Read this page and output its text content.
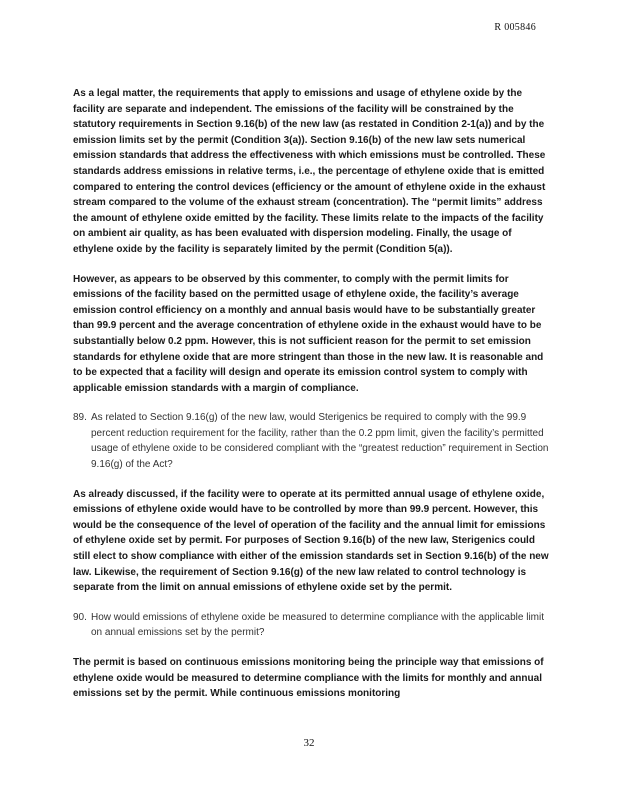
R 005846

As a legal matter, the requirements that apply to emissions and usage of ethylene oxide by the facility are separate and independent. The emissions of the facility will be constrained by the statutory requirements in Section 9.16(b) of the new law (as restated in Condition 2-1(a)) and by the emission limits set by the permit (Condition 3(a)). Section 9.16(b) of the new law sets numerical emission standards that address the effectiveness with which emissions must be controlled. These standards address emissions in relative terms, i.e., the percentage of ethylene oxide that is emitted compared to entering the control devices (efficiency or the amount of ethylene oxide in the exhaust stream compared to the volume of the exhaust stream (concentration). The “permit limits” address the amount of ethylene oxide emitted by the facility. These limits relate to the impacts of the facility on ambient air quality, as has been evaluated with dispersion modeling. Finally, the usage of ethylene oxide by the facility is separately limited by the permit (Condition 5(a)).

However, as appears to be observed by this commenter, to comply with the permit limits for emissions of the facility based on the permitted usage of ethylene oxide, the facility’s average emission control efficiency on a monthly and annual basis would have to be substantially greater than 99.9 percent and the average concentration of ethylene oxide in the exhaust would have to be substantially below 0.2 ppm. However, this is not sufficient reason for the permit to set emission standards for ethylene oxide that are more stringent than those in the new law. It is reasonable and to be expected that a facility will design and operate its emission control system to comply with applicable emission standards with a margin of compliance.

89. As related to Section 9.16(g) of the new law, would Sterigenics be required to comply with the 99.9 percent reduction requirement for the facility, rather than the 0.2 ppm limit, given the facility’s permitted usage of ethylene oxide to be considered compliant with the “greatest reduction” requirement in Section 9.16(g) of the Act?

As already discussed, if the facility were to operate at its permitted annual usage of ethylene oxide, emissions of ethylene oxide would have to be controlled by more than 99.9 percent. However, this would be the consequence of the level of operation of the facility and the annual limit for emissions of ethylene oxide set by permit. For purposes of Section 9.16(b) of the new law, Sterigenics could still elect to show compliance with either of the emission standards set in Section 9.16(b) of the new law. Likewise, the requirement of Section 9.16(g) of the new law related to control technology is separate from the limit on annual emissions of ethylene oxide set by the permit.

90. How would emissions of ethylene oxide be measured to determine compliance with the applicable limit on annual emissions set by the permit?

The permit is based on continuous emissions monitoring being the principle way that emissions of ethylene oxide would be measured to determine compliance with the limits for monthly and annual emissions set by the permit. While continuous emissions monitoring

32
